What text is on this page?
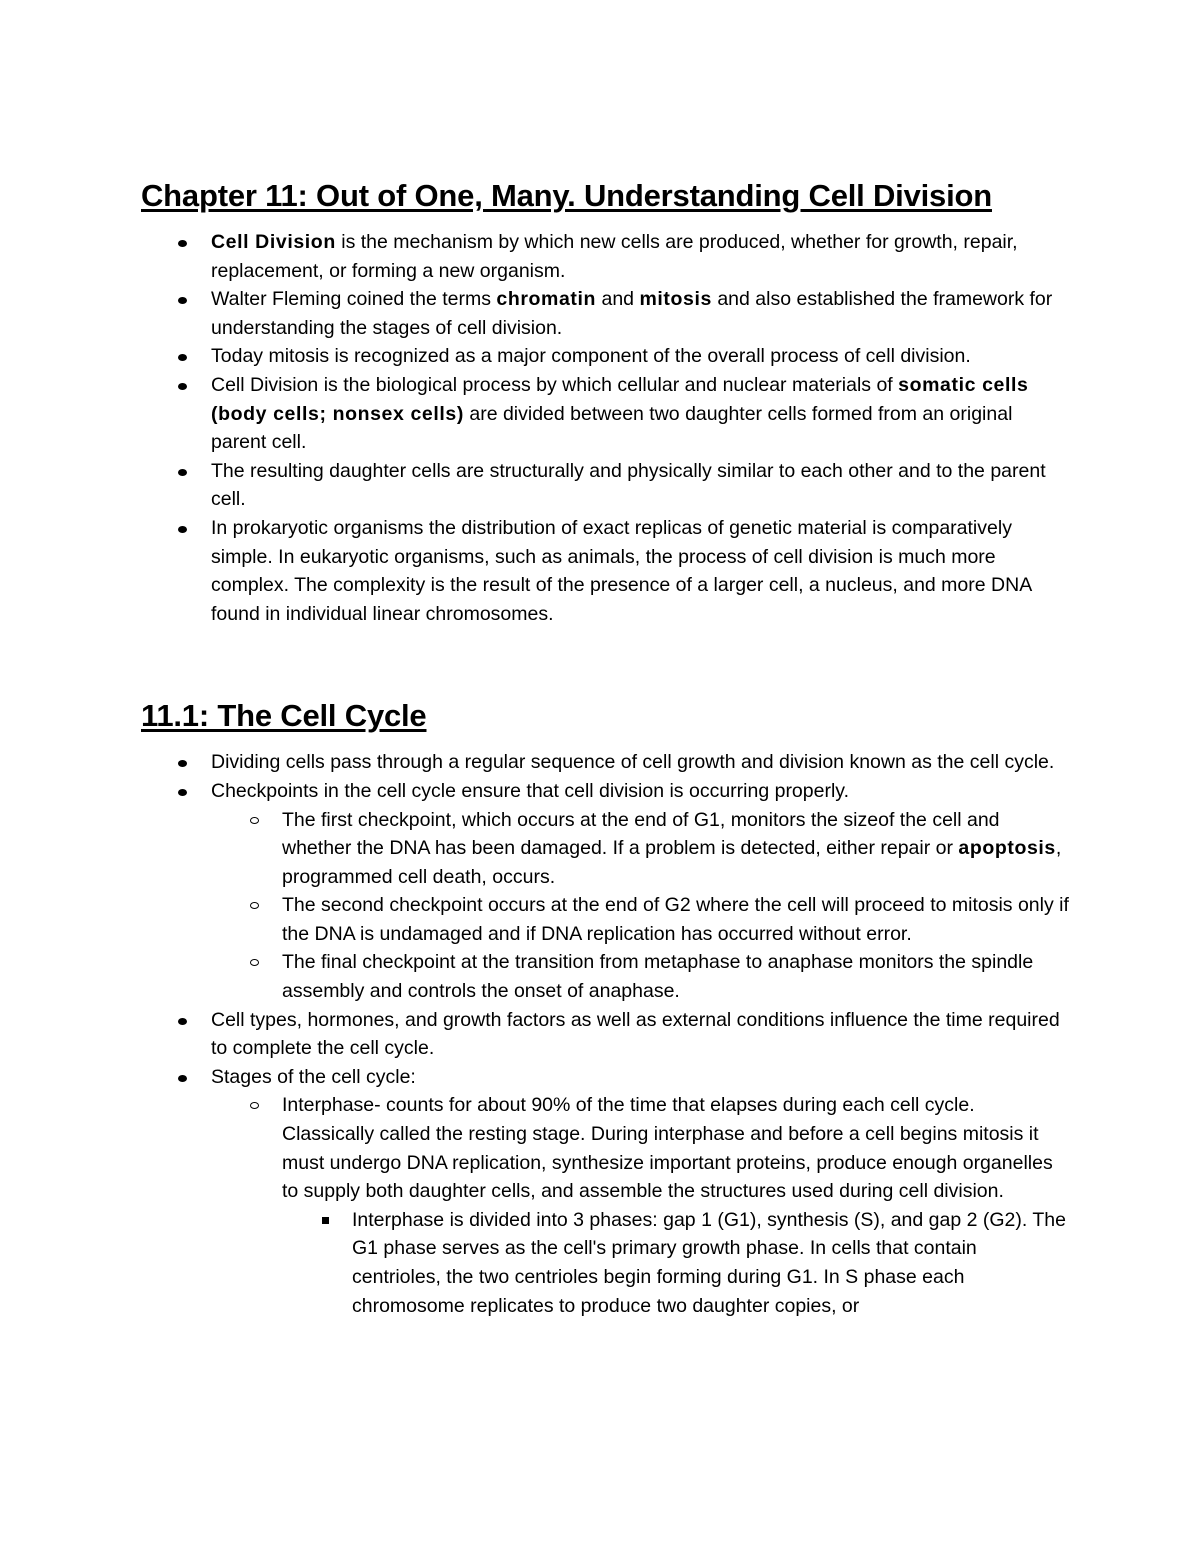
Chapter 11: Out of One, Many. Understanding Cell Division
Cell Division is the mechanism by which new cells are produced, whether for growth, repair, replacement, or forming a new organism.
Walter Fleming coined the terms chromatin and mitosis and also established the framework for understanding the stages of cell division.
Today mitosis is recognized as a major component of the overall process of cell division.
Cell Division is the biological process by which cellular and nuclear materials of somatic cells (body cells; nonsex cells) are divided between two daughter cells formed from an original parent cell.
The resulting daughter cells are structurally and physically similar to each other and to the parent cell.
In prokaryotic organisms the distribution of exact replicas of genetic material is comparatively simple. In eukaryotic organisms, such as animals, the process of cell division is much more complex. The complexity is the result of the presence of a larger cell, a nucleus, and more DNA found in individual linear chromosomes.
11.1: The Cell Cycle
Dividing cells pass through a regular sequence of cell growth and division known as the cell cycle.
Checkpoints in the cell cycle ensure that cell division is occurring properly.
The first checkpoint, which occurs at the end of G1, monitors the sizeof the cell and whether the DNA has been damaged. If a problem is detected, either repair or apoptosis, programmed cell death, occurs.
The second checkpoint occurs at the end of G2 where the cell will proceed to mitosis only if the DNA is undamaged and if DNA replication has occurred without error.
The final checkpoint at the transition from metaphase to anaphase monitors the spindle assembly and controls the onset of anaphase.
Cell types, hormones, and growth factors as well as external conditions influence the time required to complete the cell cycle.
Stages of the cell cycle:
Interphase- counts for about 90% of the time that elapses during each cell cycle. Classically called the resting stage. During interphase and before a cell begins mitosis it must undergo DNA replication, synthesize important proteins, produce enough organelles to supply both daughter cells, and assemble the structures used during cell division.
Interphase is divided into 3 phases: gap 1 (G1), synthesis (S), and gap 2 (G2). The G1 phase serves as the cell's primary growth phase. In cells that contain centrioles, the two centrioles begin forming during G1. In S phase each chromosome replicates to produce two daughter copies, or
